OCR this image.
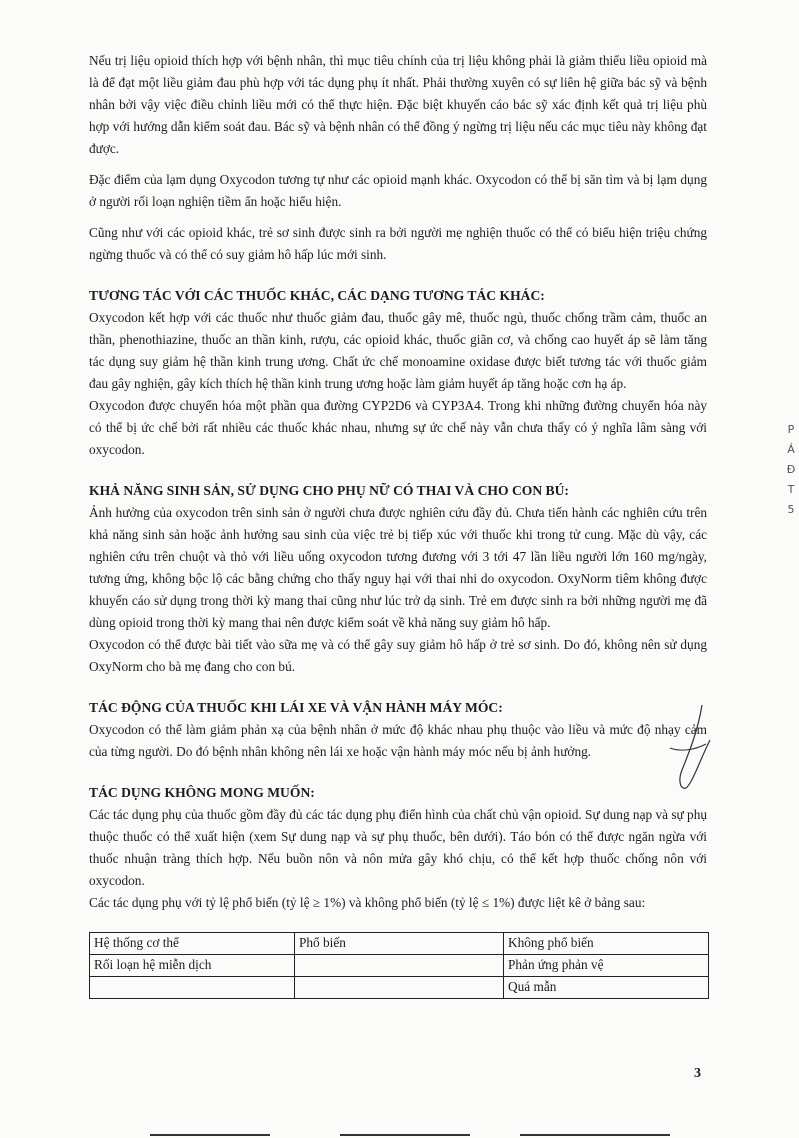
Nếu trị liệu opioid thích hợp với bệnh nhân, thì mục tiêu chính của trị liệu không phải là giảm thiểu liều opioid mà là để đạt một liều giảm đau phù hợp với tác dụng phụ ít nhất. Phải thường xuyên có sự liên hệ giữa bác sỹ và bệnh nhân bởi vậy việc điều chỉnh liều mới có thể thực hiện. Đặc biệt khuyến cáo bác sỹ xác định kết quả trị liệu phù hợp với hướng dẫn kiểm soát đau. Bác sỹ và bệnh nhân có thể đồng ý ngừng trị liệu nếu các mục tiêu này không đạt được.

Đặc điểm của lạm dụng Oxycodon tương tự như các opioid mạnh khác. Oxycodon có thể bị săn tìm và bị lạm dụng ở người rối loạn nghiện tiềm ẩn hoặc hiểu hiện.

Cũng như với các opioid khác, trẻ sơ sinh được sinh ra bởi người mẹ nghiện thuốc có thể có biểu hiện triệu chứng ngừng thuốc và có thể có suy giảm hô hấp lúc mới sinh.

TƯƠNG TÁC VỚI CÁC THUỐC KHÁC, CÁC DẠNG TƯƠNG TÁC KHÁC:

Oxycodon kết hợp với các thuốc như thuốc giảm đau, thuốc gây mê, thuốc ngủ, thuốc chống trầm cảm, thuốc an thần, phenothiazine, thuốc an thần kinh, rượu, các opioid khác, thuốc giãn cơ, và chống cao huyết áp sẽ làm tăng tác dụng suy giảm hệ thần kinh trung ương. Chất ức chế monoamine oxidase được biết tương tác với thuốc giảm đau gây nghiện, gây kích thích hệ thần kinh trung ương hoặc làm giảm huyết áp tăng hoặc cơn hạ áp.

Oxycodon được chuyển hóa một phần qua đường CYP2D6 và CYP3A4. Trong khi những đường chuyển hóa này có thể bị ức chế bởi rất nhiều các thuốc khác nhau, nhưng sự ức chế này vẫn chưa thấy có ý nghĩa lâm sàng với oxycodon.

KHẢ NĂNG SINH SẢN, SỬ DỤNG CHO PHỤ NỮ CÓ THAI VÀ CHO CON BÚ:

Ảnh hưởng của oxycodon trên sinh sản ở người chưa được nghiên cứu đầy đủ. Chưa tiến hành các nghiên cứu trên khả năng sinh sản hoặc ảnh hưởng sau sinh của việc trẻ bị tiếp xúc với thuốc khi trong tử cung. Mặc dù vậy, các nghiên cứu trên chuột và thỏ với liều uống oxycodon tương đương với 3 tới 47 lần liều người lớn 160 mg/ngày, tương ứng, không bộc lộ các bằng chứng cho thấy nguy hại với thai nhi do oxycodon. OxyNorm tiêm không được khuyến cáo sử dụng trong thời kỳ mang thai cũng như lúc trở dạ sinh. Trẻ em được sinh ra bởi những người mẹ đã dùng opioid trong thời kỳ mang thai nên được kiểm soát về khả năng suy giảm hô hấp.

Oxycodon có thể được bài tiết vào sữa mẹ và có thể gây suy giảm hô hấp ở trẻ sơ sinh. Do đó, không nên sử dụng OxyNorm cho bà mẹ đang cho con bú.

TÁC ĐỘNG CỦA THUỐC KHI LÁI XE VÀ VẬN HÀNH MÁY MÓC:

Oxycodon có thể làm giảm phản xạ của bệnh nhân ở mức độ khác nhau phụ thuộc vào liều và mức độ nhạy cảm của từng người. Do đó bệnh nhân không nên lái xe hoặc vận hành máy móc nếu bị ảnh hưởng.

TÁC DỤNG KHÔNG MONG MUỐN:

Các tác dụng phụ của thuốc gồm đầy đủ các tác dụng phụ điển hình của chất chủ vận opioid. Sự dung nạp và sự phụ thuộc thuốc có thể xuất hiện (xem Sự dung nạp và sự phụ thuốc, bên dưới). Táo bón có thể được ngăn ngừa với thuốc nhuận tràng thích hợp. Nếu buồn nôn và nôn mửa gây khó chịu, có thể kết hợp thuốc chống nôn với oxycodon.

Các tác dụng phụ với tỷ lệ phổ biến (tỷ lệ ≥ 1%) và không phổ biến (tỷ lệ ≤ 1%) được liệt kê ở bảng sau:

Hệ thống cơ thể	Phổ biến	Không phổ biến
Rối loạn hệ miễn dịch		Phản ứng phản vệ
		Quá mẫn
P
Á
Đ
T
5
3
